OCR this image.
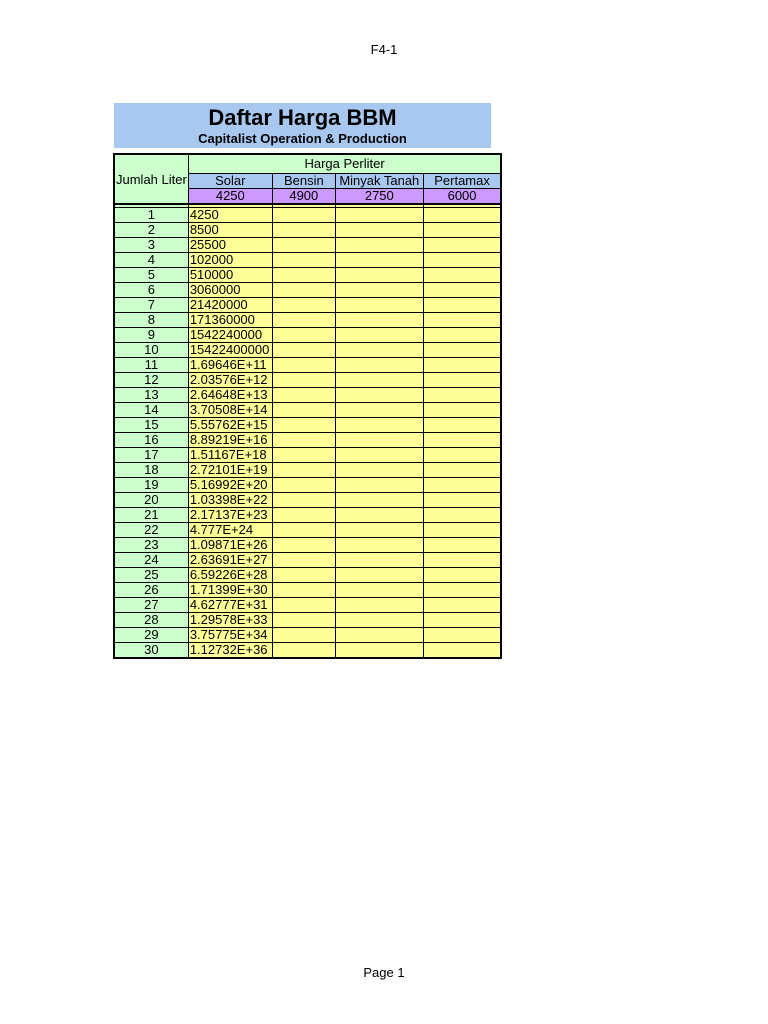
F4-1
Daftar Harga BBM
Capitalist Operation & Production
Jumlah Liter	Harga Perliter			
	Solar	Bensin	Minyak Tanah	Pertamax
	4250	4900	2750	6000

1	4250			
2	8500			
3	25500			
4	102000			
5	510000			
6	3060000			
7	21420000			
8	171360000			
9	1542240000			
10	15422400000			
11	1.69646E+11			
12	2.03576E+12			
13	2.64648E+13			
14	3.70508E+14			
15	5.55762E+15			
16	8.89219E+16			
17	1.51167E+18			
18	2.72101E+19			
19	5.16992E+20			
20	1.03398E+22			
21	2.17137E+23			
22	4.777E+24			
23	1.09871E+26			
24	2.63691E+27			
25	6.59226E+28			
26	1.71399E+30			
27	4.62777E+31			
28	1.29578E+33			
29	3.75775E+34			
30	1.12732E+36			
Page 1
